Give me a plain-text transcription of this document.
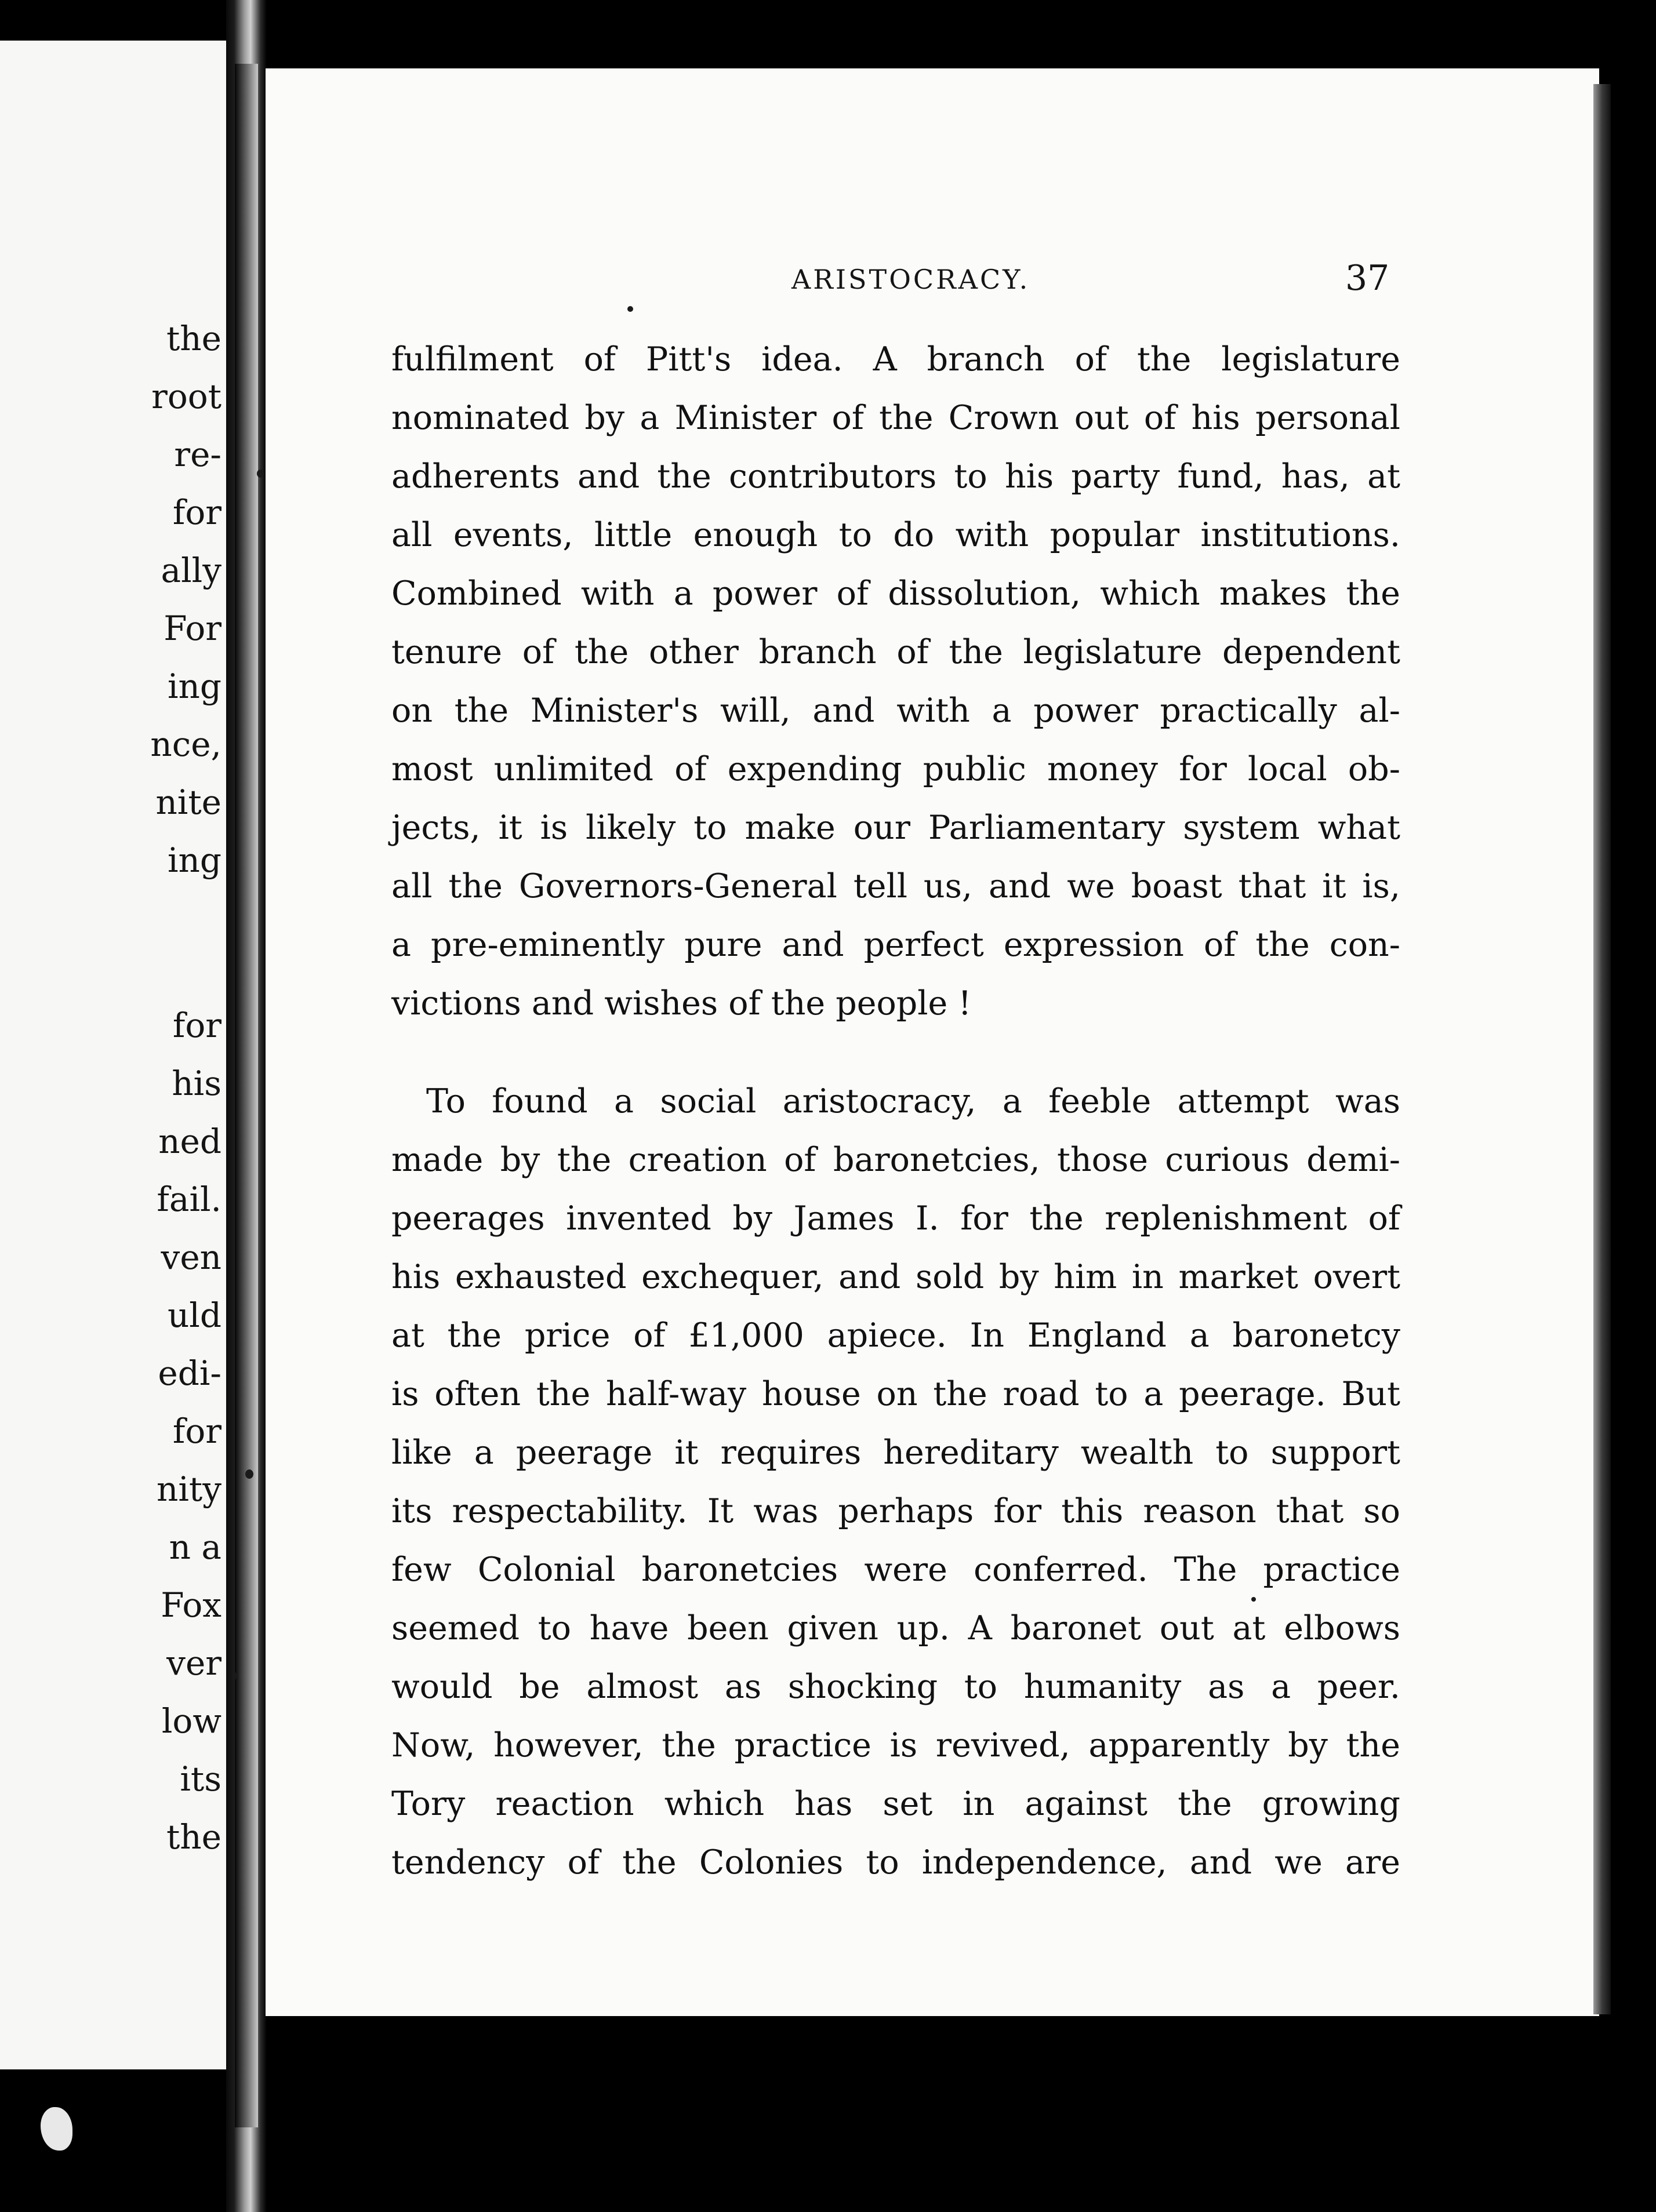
the
root
re-
for
ally
For
ing
nce,
nite
ing
for
his
ned
fail.
ven
uld
edi-
for
nity
n a
Fox
ver
low
its
the
ARISTOCRACY.	37
fulfilment of Pitt's idea. A branch of the legislature
nominated by a Minister of the Crown out of his personal
adherents and the contributors to his party fund, has, at
all events, little enough to do with popular institutions.
Combined with a power of dissolution, which makes the
tenure of the other branch of the legislature dependent
on the Minister's will, and with a power practically al-
most unlimited of expending public money for local ob-
jects, it is likely to make our Parliamentary system what
all the Governors-General tell us, and we boast that it is,
a pre-eminently pure and perfect expression of the con-
victions and wishes of the people !
To found a social aristocracy, a feeble attempt was
made by the creation of baronetcies, those curious demi-
peerages invented by James I. for the replenishment of
his exhausted exchequer, and sold by him in market overt
at the price of £1,000 apiece. In England a baronetcy
is often the half-way house on the road to a peerage. But
like a peerage it requires hereditary wealth to support
its respectability. It was perhaps for this reason that so
few Colonial baronetcies were conferred. The practice
seemed to have been given up. A baronet out at elbows
would be almost as shocking to humanity as a peer.
Now, however, the practice is revived, apparently by the
Tory reaction which has set in against the growing
tendency of the Colonies to independence, and we are
